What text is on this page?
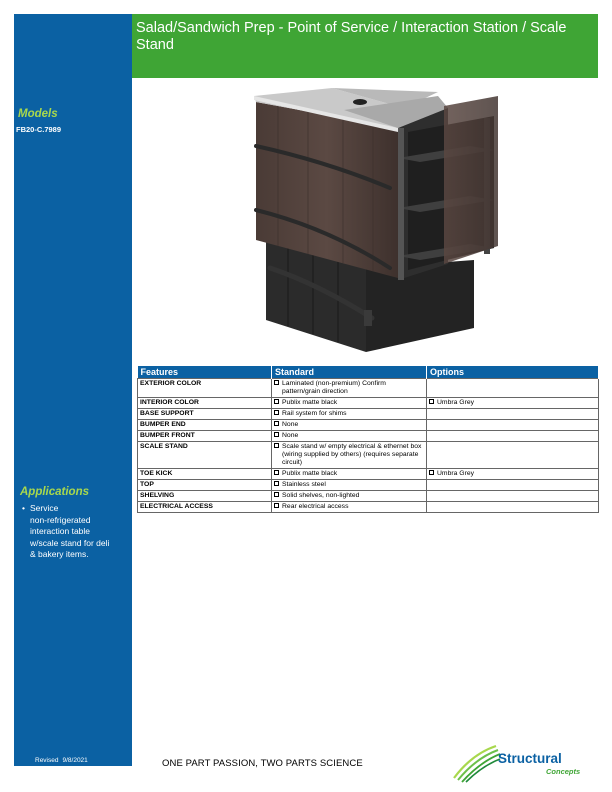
Salad/Sandwich Prep - Point of Service / Interaction Station / Scale Stand
Models
FB20-C.7989
Applications
• Service
non-refrigerated
interaction table
w/scale stand for deli
& bakery items.
Revised 9/8/2021
21703203
Features	Standard	Options
EXTERIOR COLOR	Laminated (non-premium) Confirm pattern/grain direction	

INTERIOR COLOR	Publix matte black	Umbra Grey

BASE SUPPORT	Rail system for shims	

BUMPER END	None	

BUMPER FRONT	None	

SCALE STAND	Scale stand w/ empty electrical & ethernet box (wiring supplied by others) (requires separate circuit)	

TOE KICK	Publix matte black	Umbra Grey

TOP	Stainless steel	

SHELVING	Solid shelves, non-lighted	

ELECTRICAL ACCESS	Rear electrical access	

ONE PART PASSION, TWO PARTS SCIENCE	Structural
Concepts
